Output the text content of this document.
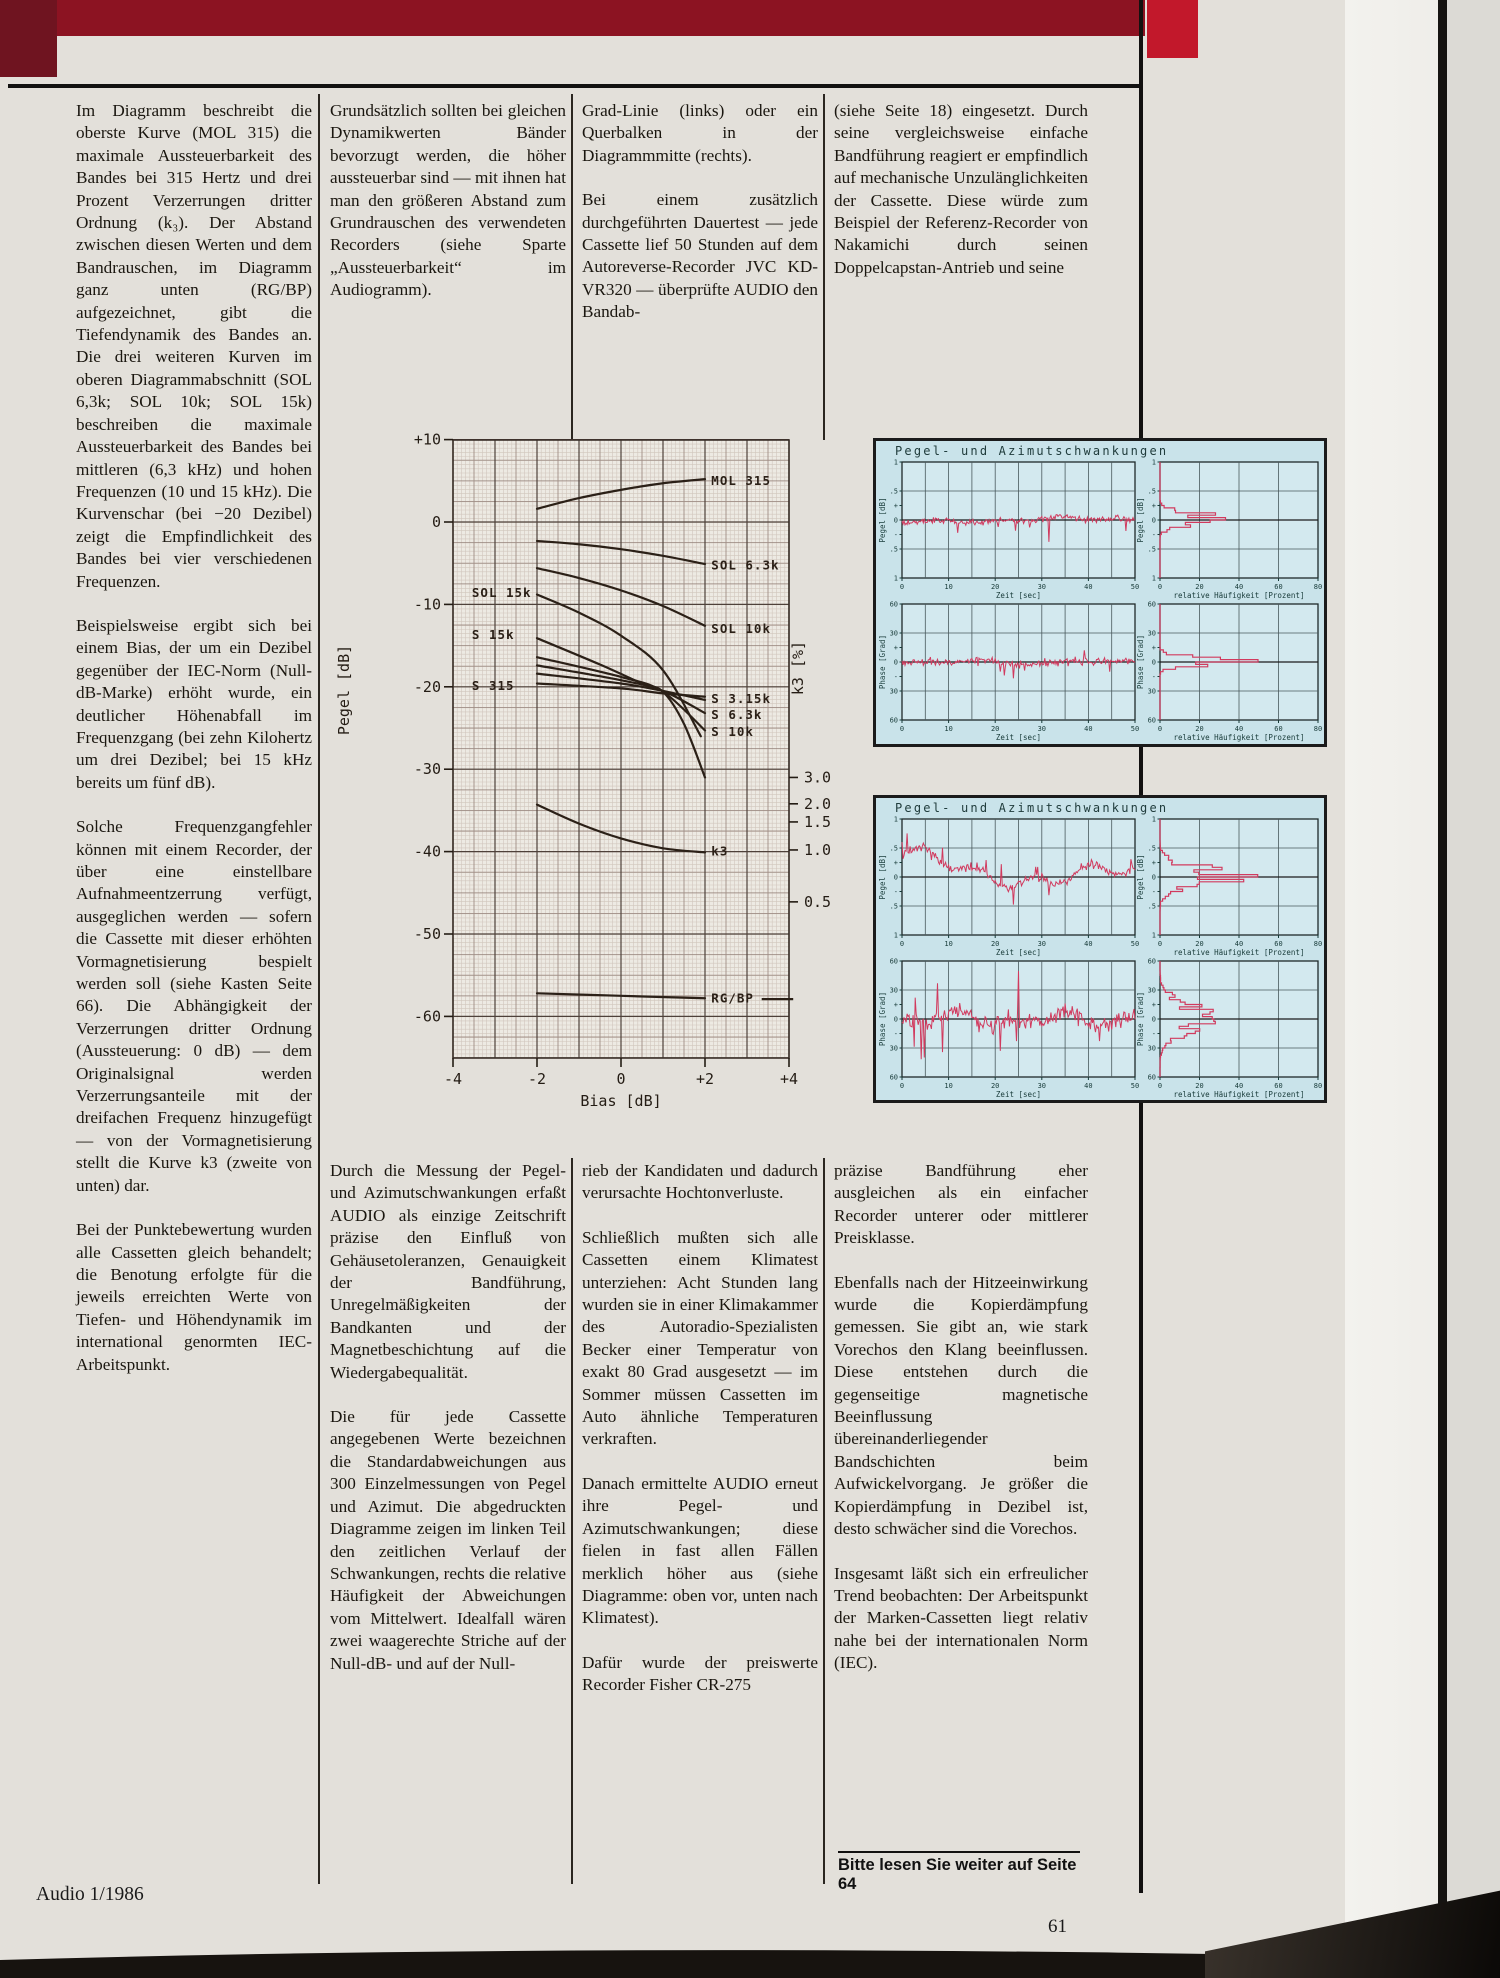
Im Diagramm beschreibt die oberste Kurve (MOL 315) die maximale Aussteuerbarkeit des Bandes bei 315 Hertz und drei Prozent Verzerrungen dritter Ordnung (k₃). Der Abstand zwischen diesen Werten und dem Bandrauschen, im Diagramm ganz unten (RG/BP) aufgezeichnet, gibt die Tiefendynamik des Bandes an. Die drei weiteren Kurven im oberen Diagrammabschnitt (SOL 6,3k; SOL 10k; SOL 15k) beschreiben die maximale Aussteuerbarkeit des Bandes bei mittleren (6,3 kHz) und hohen Frequenzen (10 und 15 kHz). Die Kurvenschar (bei −20 Dezibel) zeigt die Empfindlichkeit des Bandes bei vier verschiedenen Frequenzen.

Beispielsweise ergibt sich bei einem Bias, der um ein Dezibel gegenüber der IEC-Norm (Null-dB-Marke) erhöht wurde, ein deutlicher Höhenabfall im Frequenzgang (bei zehn Kilohertz um drei Dezibel; bei 15 kHz bereits um fünf dB).

Solche Frequenzgangfehler können mit einem Recorder, der über eine einstellbare Aufnahmeentzerrung verfügt, ausgeglichen werden — sofern die Cassette mit dieser erhöhten Vormagnetisierung bespielt werden soll (siehe Kasten Seite 66). Die Abhängigkeit der Verzerrungen dritter Ordnung (Aussteuerung: 0 dB) — dem Originalsignal werden Verzerrungsanteile mit der dreifachen Frequenz hinzugefügt — von der Vormagnetisierung stellt die Kurve k3 (zweite von unten) dar.

Bei der Punktebewertung wurden alle Cassetten gleich behandelt; die Benotung erfolgte für die jeweils erreichten Werte von Tiefen- und Höhendynamik im international genormten IEC-Arbeitspunkt.

Grundsätzlich sollten bei gleichen Dynamikwerten Bänder bevorzugt werden, die höher aussteuerbar sind — mit ihnen hat man den größeren Abstand zum Grundrauschen des verwendeten Recorders (siehe Sparte „Aussteuerbarkeit“ im Audiogramm).

Grad-Linie (links) oder ein Querbalken in der Diagrammmitte (rechts).

Bei einem zusätzlich durchgeführten Dauertest — jede Cassette lief 50 Stunden auf dem Autoreverse-Recorder JVC KD-VR320 — überprüfte AUDIO den Bandab-

(siehe Seite 18) eingesetzt. Durch seine vergleichsweise einfache Bandführung reagiert er empfindlich auf mechanische Unzulänglichkeiten der Cassette. Diese würde zum Beispiel der Referenz-Recorder von Nakamichi durch seinen Doppelcapstan-Antrieb und seine

Durch die Messung der Pegel- und Azimutschwankungen erfaßt AUDIO als einzige Zeitschrift präzise den Einfluß von Gehäusetoleranzen, Genauigkeit der Bandführung, Unregelmäßigkeiten der Bandkanten und der Magnetbeschichtung auf die Wiedergabequalität.

Die für jede Cassette angegebenen Werte bezeichnen die Standardabweichungen aus 300 Einzelmessungen von Pegel und Azimut. Die abgedruckten Diagramme zeigen im linken Teil den zeitlichen Verlauf der Schwankungen, rechts die relative Häufigkeit der Abweichungen vom Mittelwert. Idealfall wären zwei waagerechte Striche auf der Null-dB- und auf der Null-

rieb der Kandidaten und dadurch verursachte Hochtonverluste.

Schließlich mußten sich alle Cassetten einem Klimatest unterziehen: Acht Stunden lang wurden sie in einer Klimakammer des Autoradio-Spezialisten Becker einer Temperatur von exakt 80 Grad ausgesetzt — im Sommer müssen Cassetten im Auto ähnliche Temperaturen verkraften.

Danach ermittelte AUDIO erneut ihre Pegel- und Azimutschwankungen; diese fielen in fast allen Fällen merklich höher aus (siehe Diagramme: oben vor, unten nach Klimatest).

Dafür wurde der preiswerte Recorder Fisher CR-275

präzise Bandführung eher ausgleichen als ein einfacher Recorder unterer oder mittlerer Preisklasse.

Ebenfalls nach der Hitzeeinwirkung wurde die Kopierdämpfung gemessen. Sie gibt an, wie stark Vorechos den Klang beeinflussen. Diese entstehen durch die gegenseitige magnetische Beeinflussung übereinanderliegender Bandschichten beim Aufwickelvorgang. Je größer die Kopierdämpfung in Dezibel ist, desto schwächer sind die Vorechos.

Insgesamt läßt sich ein erfreulicher Trend beobachten: Der Arbeitspunkt der Marken-Cassetten liegt relativ nahe bei der internationalen Norm (IEC).

+10
0
-10
-20
-30
-40
-50
-60
-4	-2	0	+2	+4
3.0
2.0
1.5
1.0
0.5
Pegel [dB]	k3 [%]
Bias [dB]
MOL 315
SOL 6.3k
SOL 10k
SOL 15k
S 15k
S 315
S 3.15k
S 6.3k
S 10k
k3
RG/BP
Pegel- und Azimutschwankungen
1
.5
+
0
-
.5
1
0	10	20	30	40	50
Zeit [sec]
Pegel [dB]
1
.5
+
0
-
.5
1
0	20	40	60	80
relative Häufigkeit [Prozent]
Pegel [dB]
60
30
+
0
-
30
60
0	10	20	30	40	50
Zeit [sec]
Phase [Grad]
60
30
+
0
-
30
60
0	20	40	60	80
relative Häufigkeit [Prozent]
Phase [Grad]
Pegel- und Azimutschwankungen
1
.5
+
0
-
.5
1
0	10	20	30	40	50
Zeit [sec]
Pegel [dB]
1
.5
+
0
-
.5
1
0	20	40	60	80
relative Häufigkeit [Prozent]
Pegel [dB]
60
30
+
0
-
30
60
0	10	20	30	40	50
Zeit [sec]
Phase [Grad]
60
30
+
0
-
30
60
0	20	40	60	80
relative Häufigkeit [Prozent]
Phase [Grad]
Bitte lesen Sie weiter auf Seite 64
Audio 1/1986
61
